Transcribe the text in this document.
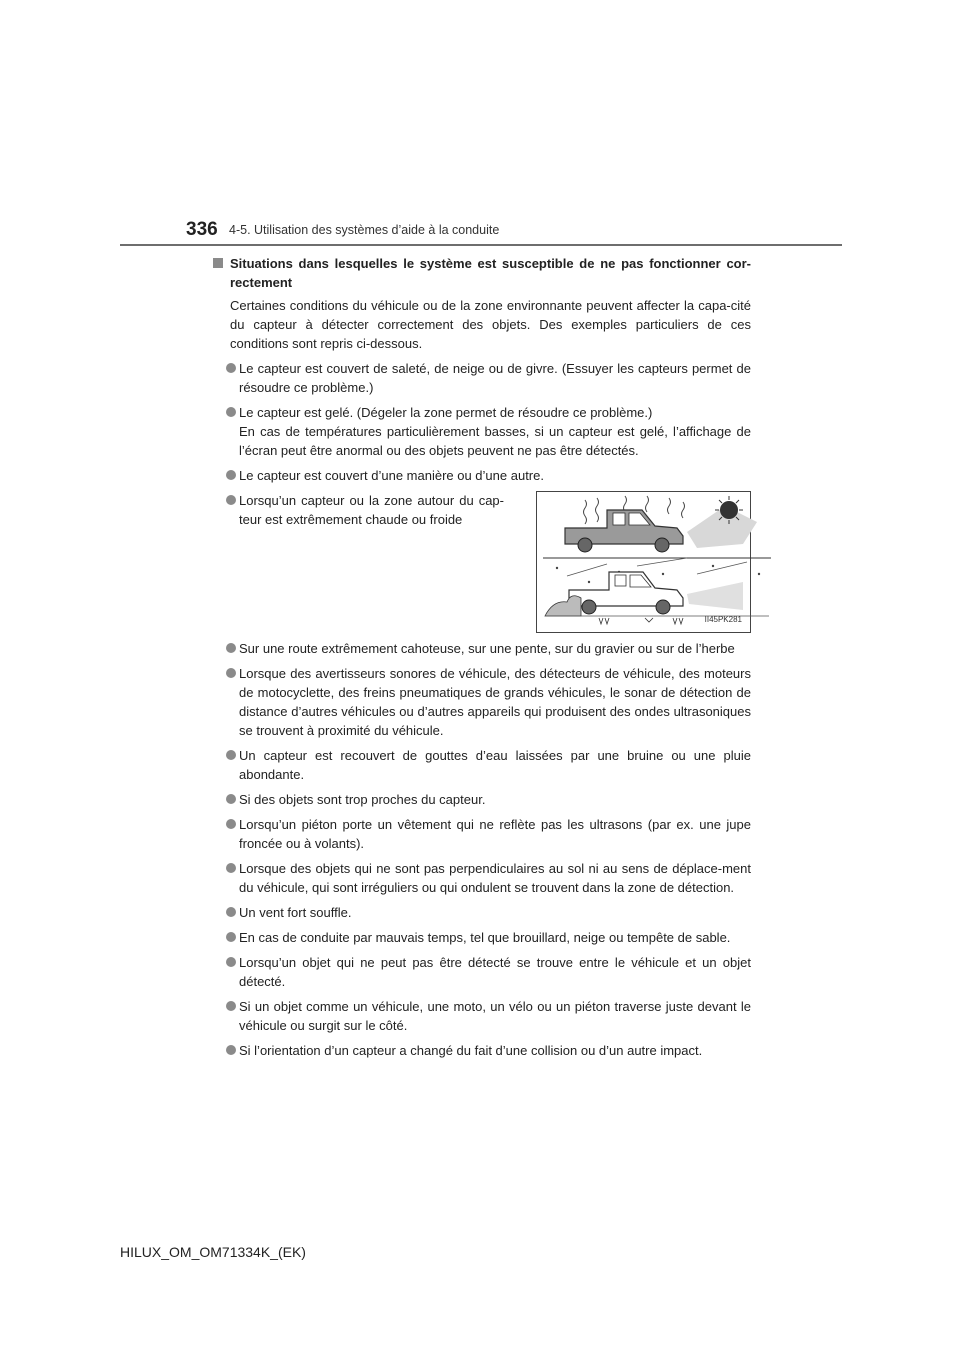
336 4-5. Utilisation des systèmes d’aide à la conduite
Situations dans lesquelles le système est susceptible de ne pas fonctionner cor-rectement
Certaines conditions du véhicule ou de la zone environnante peuvent affecter la capa-cité du capteur à détecter correctement des objets. Des exemples particuliers de ces conditions sont repris ci-dessous.
Le capteur est couvert de saleté, de neige ou de givre. (Essuyer les capteurs permet de résoudre ce problème.)
Le capteur est gelé. (Dégeler la zone permet de résoudre ce problème.)
En cas de températures particulièrement basses, si un capteur est gelé, l’affichage de l’écran peut être anormal ou des objets peuvent ne pas être détectés.
Le capteur est couvert d’une manière ou d’une autre.
Lorsqu’un capteur ou la zone autour du cap-teur est extrêmement chaude ou froide
II45PK281
Sur une route extrêmement cahoteuse, sur une pente, sur du gravier ou sur de l’herbe
Lorsque des avertisseurs sonores de véhicule, des détecteurs de véhicule, des moteurs de motocyclette, des freins pneumatiques de grands véhicules, le sonar de détection de distance d’autres véhicules ou d’autres appareils qui produisent des ondes ultrasoniques se trouvent à proximité du véhicule.
Un capteur est recouvert de gouttes d’eau laissées par une bruine ou une pluie abondante.
Si des objets sont trop proches du capteur.
Lorsqu’un piéton porte un vêtement qui ne reflète pas les ultrasons (par ex. une jupe froncée ou à volants).
Lorsque des objets qui ne sont pas perpendiculaires au sol ni au sens de déplace-ment du véhicule, qui sont irréguliers ou qui ondulent se trouvent dans la zone de détection.
Un vent fort souffle.
En cas de conduite par mauvais temps, tel que brouillard, neige ou tempête de sable.
Lorsqu’un objet qui ne peut pas être détecté se trouve entre le véhicule et un objet détecté.
Si un objet comme un véhicule, une moto, un vélo ou un piéton traverse juste devant le véhicule ou surgit sur le côté.
Si l’orientation d’un capteur a changé du fait d’une collision ou d’un autre impact.
HILUX_OM_OM71334K_(EK)
